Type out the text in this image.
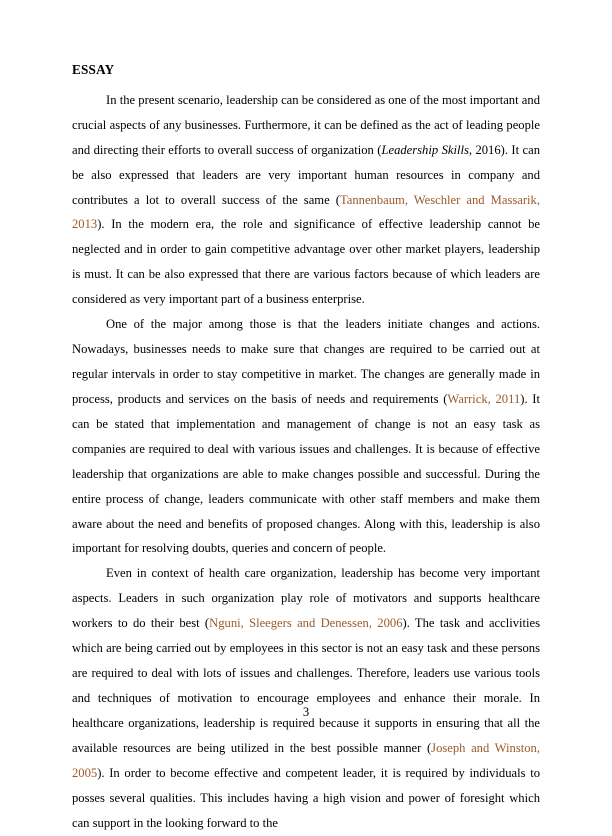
ESSAY

In the present scenario, leadership can be considered as one of the most important and crucial aspects of any businesses. Furthermore, it can be defined as the act of leading people and directing their efforts to overall success of organization (Leadership Skills, 2016). It can be also expressed that leaders are very important human resources in company and contributes a lot to overall success of the same (Tannenbaum, Weschler and Massarik, 2013). In the modern era, the role and significance of effective leadership cannot be neglected and in order to gain competitive advantage over other market players, leadership is must. It can be also expressed that there are various factors because of which leaders are considered as very important part of a business enterprise.

One of the major among those is that the leaders initiate changes and actions. Nowadays, businesses needs to make sure that changes are required to be carried out at regular intervals in order to stay competitive in market. The changes are generally made in process, products and services on the basis of needs and requirements (Warrick, 2011). It can be stated that implementation and management of change is not an easy task as companies are required to deal with various issues and challenges. It is because of effective leadership that organizations are able to make changes possible and successful. During the entire process of change, leaders communicate with other staff members and make them aware about the need and benefits of proposed changes. Along with this, leadership is also important for resolving doubts, queries and concern of people.

Even in context of health care organization, leadership has become very important aspects. Leaders in such organization play role of motivators and supports healthcare workers to do their best (Nguni, Sleegers and Denessen, 2006). The task and acclivities which are being carried out by employees in this sector is not an easy task and these persons are required to deal with lots of issues and challenges. Therefore, leaders use various tools and techniques of motivation to encourage employees and enhance their morale. In healthcare organizations, leadership is required because it supports in ensuring that all the available resources are being utilized in the best possible manner (Joseph and Winston, 2005). In order to become effective and competent leader, it is required by individuals to posses several qualities. This includes having a high vision and power of foresight which can support in the looking forward to the

3
